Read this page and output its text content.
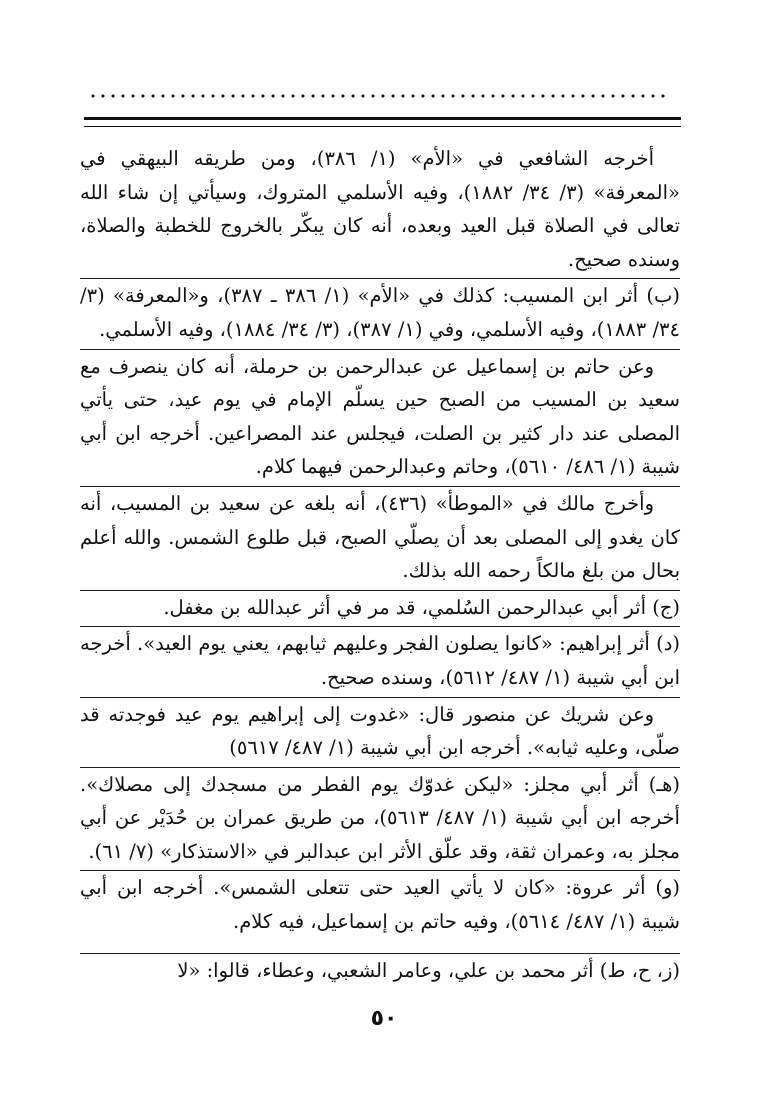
أخرجه الشافعي في «الأم» (١/ ٣٨٦)، ومن طريقه البيهقي في «المعرفة» (٣/ ٣٤/ ١٨٨٢)، وفيه الأسلمي المتروك، وسيأتي إن شاء الله تعالى في الصلاة قبل العيد وبعده، أنه كان يبكّر بالخروج للخطبة والصلاة، وسنده صحيح.

(ب) أثر ابن المسيب: كذلك في «الأم» (١/ ٣٨٦ ـ ٣٨٧)، و«المعرفة» (٣/ ٣٤/ ١٨٨٣)، وفيه الأسلمي، وفي (١/ ٣٨٧)، (٣/ ٣٤/ ١٨٨٤)، وفيه الأسلمي.

وعن حاتم بن إسماعيل عن عبدالرحمن بن حرملة، أنه كان ينصرف مع سعيد بن المسيب من الصبح حين يسلّم الإمام في يوم عيد، حتى يأتي المصلى عند دار كثير بن الصلت، فيجلس عند المصراعين. أخرجه ابن أبي شيبة (١/ ٤٨٦/ ٥٦١٠)، وحاتم وعبدالرحمن فيهما كلام.

وأخرج مالك في «الموطأ» (٤٣٦)، أنه بلغه عن سعيد بن المسيب، أنه كان يغدو إلى المصلى بعد أن يصلّي الصبح، قبل طلوع الشمس. والله أعلم بحال من بلغ مالكاً رحمه الله بذلك.

(ج) أثر أبي عبدالرحمن السُلمي، قد مر في أثر عبدالله بن مغفل.

(د) أثر إبراهيم: «كانوا يصلون الفجر وعليهم ثيابهم، يعني يوم العيد». أخرجه ابن أبي شيبة (١/ ٤٨٧/ ٥٦١٢)، وسنده صحيح.

وعن شريك عن منصور قال: «غدوت إلى إبراهيم يوم عيد فوجدته قد صلّى، وعليه ثيابه». أخرجه ابن أبي شيبة (١/ ٤٨٧/ ٥٦١٧)

(هـ) أثر أبي مجلز: «ليكن غدوّك يوم الفطر من مسجدك إلى مصلاك». أخرجه ابن أبي شيبة (١/ ٤٨٧/ ٥٦١٣)، من طريق عمران بن حُدَيْر عن أبي مجلز به، وعمران ثقة، وقد علّق الأثر ابن عبدالبر في «الاستذكار» (٧/ ٦١).

(و) أثر عروة: «كان لا يأتي العيد حتى تتعلى الشمس». أخرجه ابن أبي شيبة (١/ ٤٨٧/ ٥٦١٤)، وفيه حاتم بن إسماعيل، فيه كلام.

(ز، ح، ط) أثر محمد بن علي، وعامر الشعبي، وعطاء، قالوا: «لا

٥٠
